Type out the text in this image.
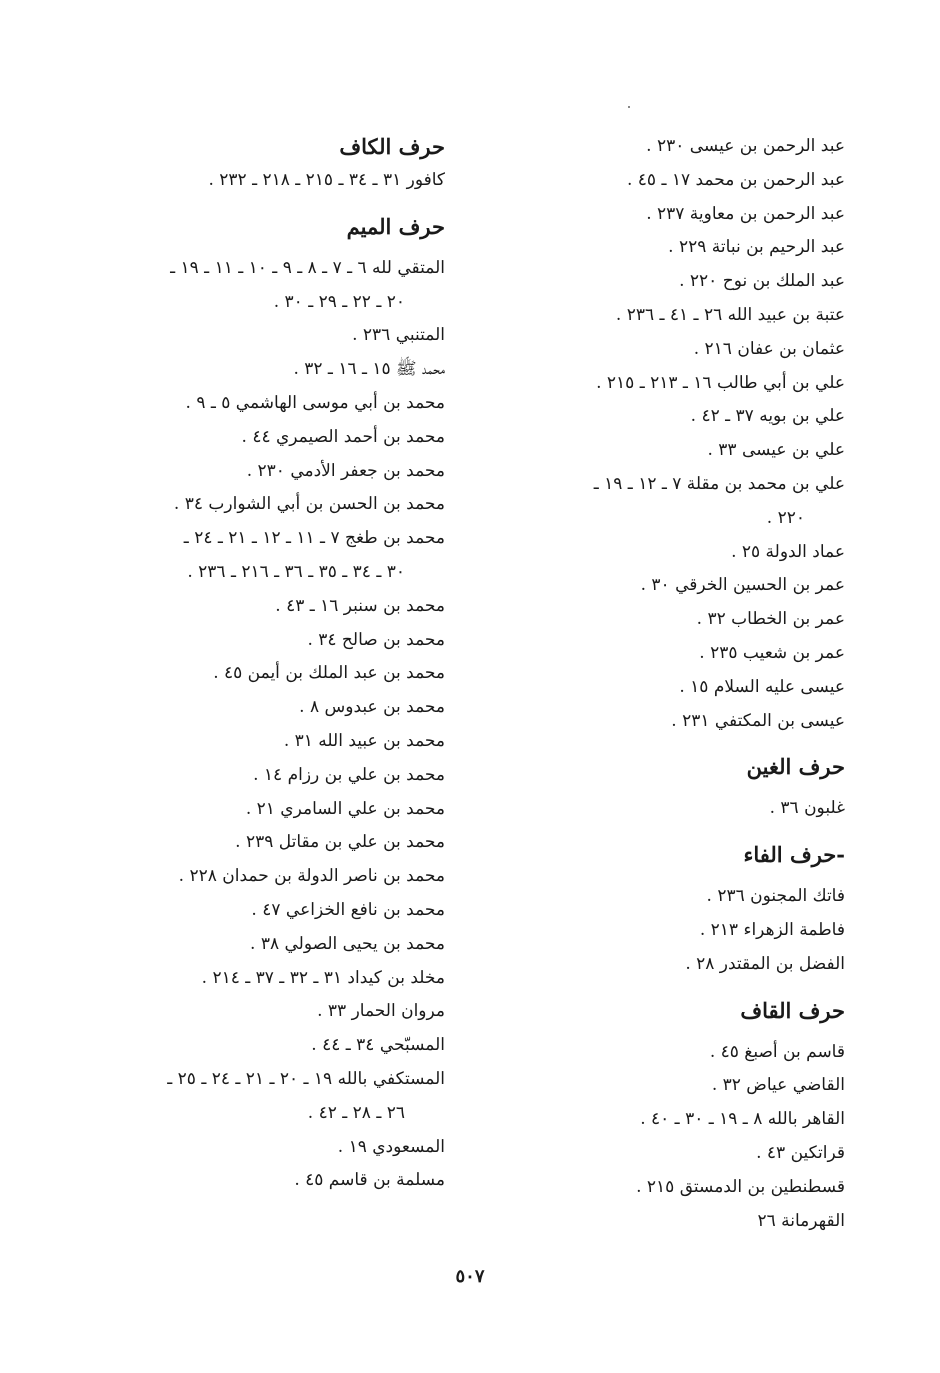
عبد الرحمن بن عيسى ٢٣٠ .

عبد الرحمن بن محمد ١٧ ـ ٤٥ .

عبد الرحمن بن معاوية ٢٣٧ .

عبد الرحيم بن نباتة ٢٢٩ .

عبد الملك بن نوح ٢٢٠ .

عتبة بن عبيد الله ٢٦ ـ ٤١ ـ ٢٣٦ .

عثمان بن عفان ٢١٦ .

علي بن أبي طالب ١٦ ـ ٢١٣ ـ ٢١٥ .

علي بن بويه ٣٧ ـ ٤٢ .

علي بن عيسى ٣٣ .

علي بن محمد بن مقلة ٧ ـ ١٢ ـ ١٩ ـ

٢٢٠ .

عماد الدولة ٢٥ .

عمر بن الحسين الخرقي ٣٠ .

عمر بن الخطاب ٣٢ .

عمر بن شعيب ٢٣٥ .

عيسى عليه السلام ١٥ .

عيسى بن المكتفي ٢٣١ .

حرف الغين

غلبون ٣٦ .

-حرف الفاء

فاتك المجنون ٢٣٦ .

فاطمة الزهراء ٢١٣ .

الفضل بن المقتدر ٢٨ .

حرف القاف

قاسم بن أصبغ ٤٥ .

القاضي عياض ٣٢ .

القاهر بالله ٨ ـ ١٩ ـ ٣٠ ـ ٤٠ .

قراتكين ٤٣ .

قسطنطين بن الدمستق ٢١٥ .

القهرمانة ٢٦

حرف الكاف

كافور ٣١ ـ ٣٤ ـ ٢١٥ ـ ٢١٨ ـ ٢٣٢ .

حرف الميم

المتقي لله ٦ ـ ٧ ـ ٨ ـ ٩ ـ ١٠ ـ ١١ ـ ١٩ ـ

٢٠ ـ ٢٢ ـ ٢٩ ـ ٣٠ .

المتنبي ٢٣٦ .

محمد ﷺ ١٥ ـ ١٦ ـ ٣٢ .

محمد بن أبي موسى الهاشمي ٥ ـ ٩ .

محمد بن أحمد الصيمري ٤٤ .

محمد بن جعفر الأدمي ٢٣٠ .

محمد بن الحسن بن أبي الشوارب ٣٤ .

محمد بن طغج ٧ ـ ١١ ـ ١٢ ـ ٢١ ـ ٢٤ ـ

٣٠ ـ ٣٤ ـ ٣٥ ـ ٣٦ ـ ٢١٦ ـ ٢٣٦ .

محمد بن سنبر ١٦ ـ ٤٣ .

محمد بن صالح ٣٤ .

محمد بن عبد الملك بن أيمن ٤٥ .

محمد بن عبدوس ٨ .

محمد بن عبيد الله ٣١ .

محمد بن علي بن رزام ١٤ .

محمد بن علي السامري ٢١ .

محمد بن علي بن مقاتل ٢٣٩ .

محمد بن ناصر الدولة بن حمدان ٢٢٨ .

محمد بن نافع الخزاعي ٤٧ .

محمد بن يحيى الصولي ٣٨ .

مخلد بن كيداد ٣١ ـ ٣٢ ـ ٣٧ ـ ٢١٤ .

مروان الحمار ٣٣ .

المسبّحي ٣٤ ـ ٤٤ .

المستكفي بالله ١٩ ـ ٢٠ ـ ٢١ ـ ٢٤ ـ ٢٥ ـ

٢٦ ـ ٢٨ ـ ٤٢ .

المسعودي ١٩ .

مسلمة بن قاسم ٤٥ .

٥٠٧
